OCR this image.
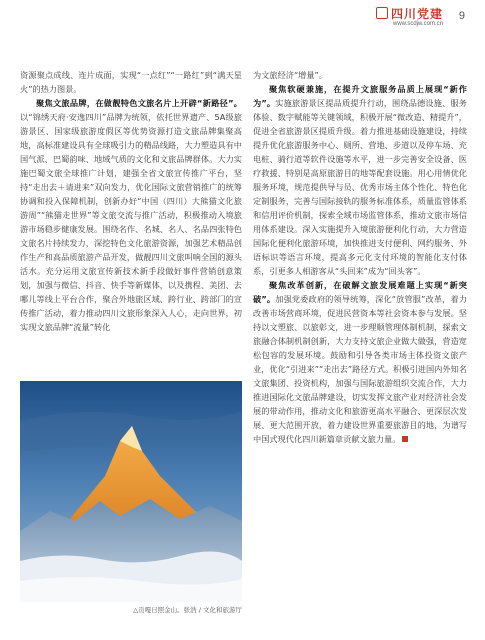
四川党建
www.scdjw.com.cn
9

资源聚点成线、连片成面，实现“一点红”“一路红”到“满天星火”的热力图景。

聚焦文旅品牌，在做靓特色文旅名片上开辟“新路径”。以“锦绣天府·安逸四川”品牌为统领，依托世界遗产、5A级旅游景区、国家级旅游度假区等优势资源打造文旅品牌集聚高地，高标准建设具有全球吸引力的精品线路，大力塑造具有中国气派、巴蜀韵味、地域气质的文化和文旅品牌群体。大力实施巴蜀文旅全球推广计划，建强全省文旅宣传推广平台，坚持“走出去＋请进来”双向发力，优化国际文旅营销推广的统筹协调和投入保障机制，创新办好“中国（四川）大熊猫文化旅游周”“熊猫走世界”等文旅交流与推广活动，积极推动入境旅游市场稳步健康发展。围绕名作、名城、名人、名品四张特色文旅名片持续发力，深挖特色文化旅游资源，加强艺术精品创作生产和高品质旅游产品开发，做靓四川文旅叫响全国的源头活水。充分运用文旅宣传新技术新手段做好事件营销创意策划，加强与微信、抖音、快手等新媒体，以及携程、美团、去哪儿等线上平台合作，聚合外地旅区域、跨行业、跨部门的宣传推广活动，着力推动四川文旅形象深入人心，走向世界，初实现文旅品牌“流量”转化

△贡嘎日照金山。张浩 / 文化和旅游厅

为文旅经济“增量”。

聚焦软硬兼施，在提升文旅服务品质上展现“新作为”。实施旅游景区提品质提升行动，围绕品德设施、服务体验、数字赋能等关键领域，积极开展“微改造、精提升”，促进全省旅游景区提质升级。着力推进基础设施建设，持续提升优化旅游服务中心、厕所、营地、步道以及停车场、充电桩、骑行道等软件设施等水平，进一步完善安全设备、医疗救援、特别是高原旅游目的地等配套设施。用心用情优化服务环境，规范提供导与员、优秀市场主体个性化、特色化定制服务，完善与国际接轨的服务标准体系，质量监管体系和信用评价机制，探索全域市场监管体系，推动文旅市场信用体系建设。深入实施提升入境旅游便利化行动，大力营造国际化便利化旅游环境，加快推进支付便利、网约服务、外语标识等语言环境，提高多元化支付环境的智能化支付体系，引更多人相游客从“头回来”成为“回头客”。

聚焦改革创新，在破解文旅发展难题上实现“新突破”。加强党委政府的领导统筹，深化“放管服”改革，着力改善市场营商环境，促进民营资本等社会资本参与发展。坚持以文塑旅、以旅彰文，进一步理顺管理体制机制，探索文旅融合体制机制创新，大力支持文旅企业做大做强，营造宽松包容的发展环境。鼓励和引导各类市场主体投资文旅产业，优化“引进来”“走出去”路径方式。积极引进国内外知名文旅集团、投资机构，加强与国际旅游组织交流合作，大力推进国际化文旅品牌建设，切实发挥文旅产业对经济社会发展的带动作用，推动文化和旅游更高水平融合、更深层次发展、更大范围开放，着力建设世界重要旅游目的地，为谱写中国式现代化四川新篇章贡献文旅力量。
